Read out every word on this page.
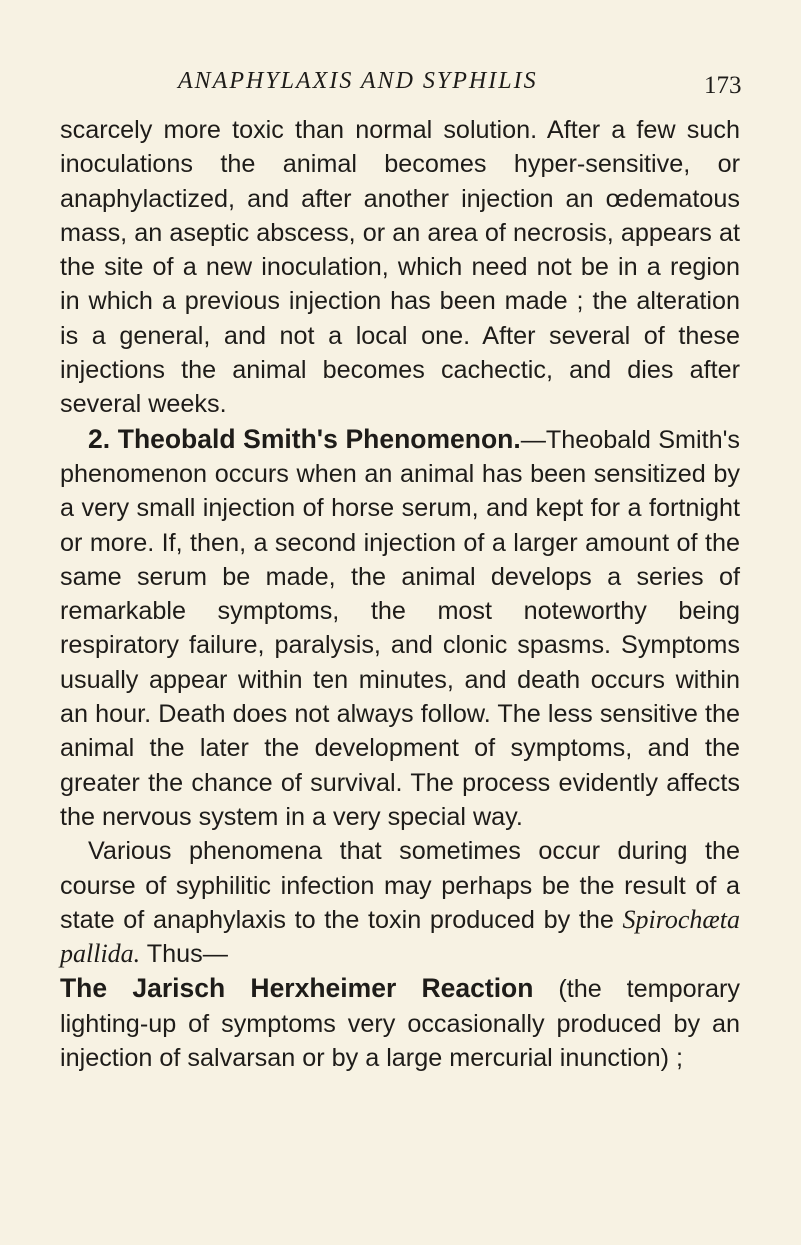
ANAPHYLAXIS AND SYPHILIS	173

scarcely more toxic than normal solution. After a few such inoculations the animal becomes hyper-sensitive, or anaphylactized, and after another injection an œdematous mass, an aseptic abscess, or an area of necrosis, appears at the site of a new inoculation, which need not be in a region in which a previous injection has been made ; the alteration is a general, and not a local one. After several of these injections the animal becomes cachectic, and dies after several weeks.

2. Theobald Smith's Phenomenon.—Theobald Smith's phenomenon occurs when an animal has been sensitized by a very small injection of horse serum, and kept for a fortnight or more. If, then, a second injection of a larger amount of the same serum be made, the animal develops a series of remarkable symptoms, the most noteworthy being respiratory failure, paralysis, and clonic spasms. Symptoms usually appear within ten minutes, and death occurs within an hour. Death does not always follow. The less sensitive the animal the later the development of symptoms, and the greater the chance of survival. The process evidently affects the nervous system in a very special way.

Various phenomena that sometimes occur during the course of syphilitic infection may perhaps be the result of a state of anaphylaxis to the toxin produced by the Spirochæta pallida. Thus—

The Jarisch Herxheimer Reaction (the temporary lighting-up of symptoms very occasionally produced by an injection of salvarsan or by a large mercurial inunction) ;
